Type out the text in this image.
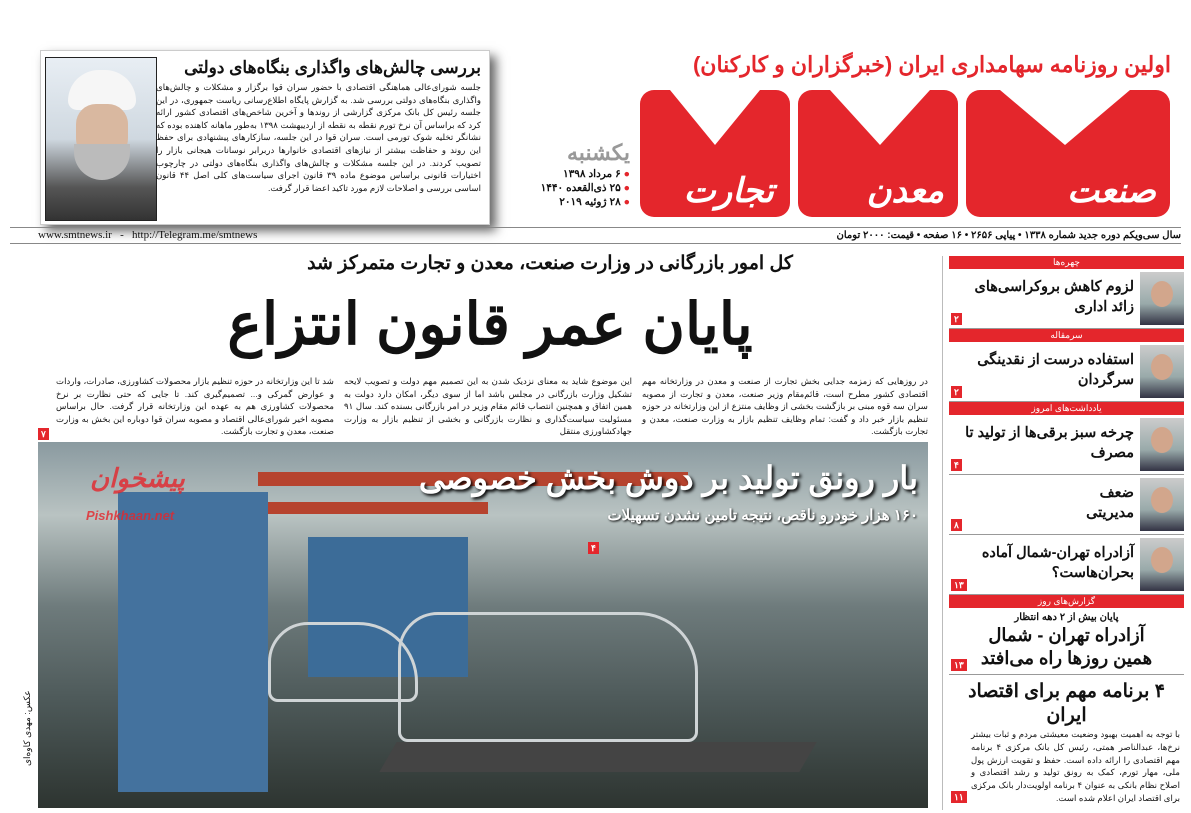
بررسی چالش‌های واگذاری بنگاه‌های دولتی
جلسه شورای‌عالی هماهنگی اقتصادی با حضور سران قوا برگزار و مشکلات و چالش‌های واگذاری بنگاه‌های دولتی بررسی شد. به گزارش پایگاه اطلاع‌رسانی ریاست جمهوری، در این جلسه رئیس کل بانک مرکزی گزارشی از روندها و آخرین شاخص‌های اقتصادی کشور ارائه کرد که براساس آن نرخ تورم نقطه به نقطه از اردیبهشت ۱۳۹۸ به‌طور ماهانه کاهنده بوده که نشانگر تخلیه شوک تورمی است. سران قوا در این جلسه، سازکارهای پیشنهادی برای حفظ این روند و حفاظت بیشتر از نیازهای اقتصادی خانوارها دربرابر نوسانات هیجانی بازار را تصویب کردند. در این جلسه مشکلات و چالش‌های واگذاری بنگاه‌های دولتی در چارچوب اختیارات قانونی براساس موضوع ماده ۳۹ قانون اجرای سیاست‌های کلی اصل ۴۴ قانون اساسی بررسی و اصلاحات لازم مورد تاکید اعضا قرار گرفت.
اولین روزنامه سهامداری ایران (خبرگزاران و کارکنان)
تجارت	معدن	صنعت
یکشنبه
● ۶ مرداد ۱۳۹۸
● ۲۵ ذی‌القعده ۱۴۴۰
● ۲۸ ژوئیه ۲۰۱۹
www.smtnews.ir   -   http://Telegram.me/smtnews	سال سی‌ویکم دوره جدید شماره ۱۳۳۸ • پیاپی ۲۶۵۶ • ۱۶ صفحه • قیمت: ۲۰۰۰ تومان
کل امور بازرگانی در وزارت صنعت، معدن و تجارت متمرکز شد
پایان عمر قانون انتزاع
در روزهایی که زمزمه جدایی بخش تجارت از صنعت و معدن در وزارتخانه مهم اقتصادی کشور مطرح است، قائم‌مقام وزیر صنعت، معدن و تجارت از مصوبه سران سه قوه مبنی بر بازگشت بخشی از وظایف منتزع از این وزارتخانه در حوزه تنظیم بازار خبر داد و گفت: تمام وظایف تنظیم بازار به وزارت صنعت، معدن و تجارت بازگشت.
این موضوع شاید به معنای نزدیک شدن به این تصمیم مهم دولت و تصویب لایحه تشکیل وزارت بازرگانی در مجلس باشد اما از سوی دیگر، امکان دارد دولت به همین اتفاق و همچنین انتصاب قائم مقام وزیر در امر بازرگانی بسنده کند. سال ۹۱ مسئولیت سیاست‌گذاری و نظارت بازرگانی و بخشی از تنظیم بازار به وزارت جهادکشاورزی منتقل
شد تا این وزارتخانه در حوزه تنظیم بازار محصولات کشاورزی، صادرات، واردات و عوارض گمرکی و... تصمیم‌گیری کند. تا جایی که حتی نظارت بر نرخ محصولات کشاورزی هم به عهده این وزارتخانه قرار گرفت. حال براساس مصوبه اخیر شورای‌عالی اقتصاد و مصوبه سران قوا دوباره این بخش به وزارت صنعت، معدن و تجارت بازگشت.
۷
پیشخوان
Pishkhaan.net
بار رونق تولید بر دوش بخش خصوصی
۱۶۰ هزار خودرو ناقص، نتیجه تامین نشدن تسهیلات
۴
عکس: مهدی کاوه‌ای
چهره‌ها
لزوم کاهش بروکراسی‌های زائد اداری
۲
سرمقاله
استفاده درست از نقدینگی سرگردان
۲
یادداشت‌های امروز
چرخه سبز برقی‌ها از تولید تا مصرف
۴
ضعف مدیریتی
۸
آزادراه تهران-شمال آماده بحران‌هاست؟
۱۳
گزارش‌های روز
پایان بیش از ۲ دهه انتظار
آزادراه تهران - شمال همین روزها راه می‌افتد
۱۳
۴ برنامه مهم برای اقتصاد ایران
با توجه به اهمیت بهبود وضعیت معیشتی مردم و ثبات بیشتر نرخ‌ها، عبدالناصر همتی، رئیس کل بانک مرکزی ۴ برنامه مهم اقتصادی را ارائه داده است. حفظ و تقویت ارزش پول ملی، مهار تورم، کمک به رونق تولید و رشد اقتصادی و اصلاح نظام بانکی به عنوان ۴ برنامه اولویت‌دار بانک مرکزی برای اقتصاد ایران اعلام شده است.
۱۱
